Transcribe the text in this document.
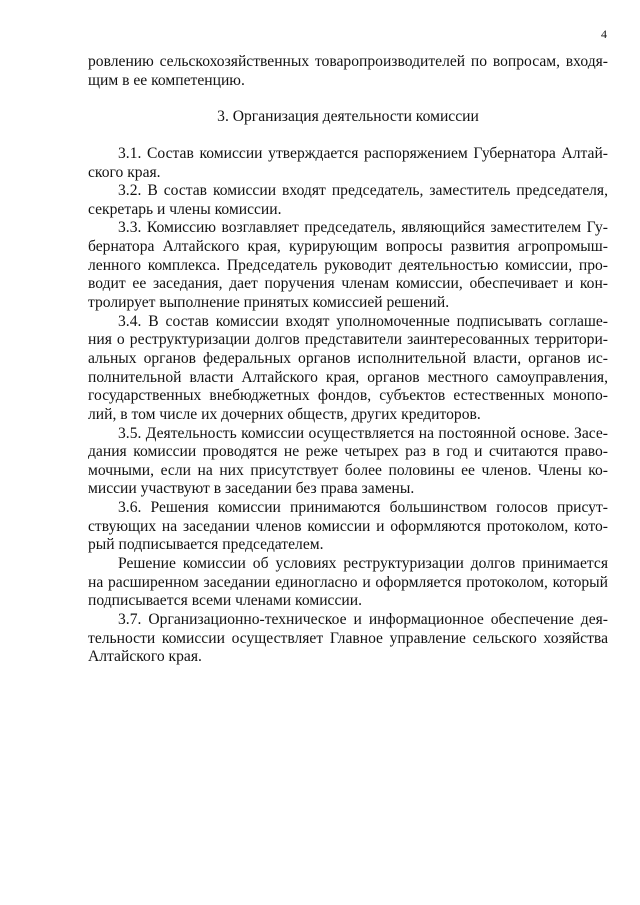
4
ровлению сельскохозяйственных товаропроизводителей по вопросам, входя-
щим в ее компетенцию.
3. Организация деятельности комиссии
3.1. Состав комиссии утверждается распоряжением Губернатора Алтай-
ского края.
3.2. В состав комиссии входят председатель, заместитель председателя,
секретарь и члены комиссии.
3.3. Комиссию возглавляет председатель, являющийся заместителем Гу-
бернатора Алтайского края, курирующим вопросы развития агропромыш-
ленного комплекса. Председатель руководит деятельностью комиссии, про-
водит ее заседания, дает поручения членам комиссии, обеспечивает и кон-
тролирует выполнение принятых комиссией решений.
3.4. В состав комиссии входят уполномоченные подписывать соглаше-
ния о реструктуризации долгов представители заинтересованных территори-
альных органов федеральных органов исполнительной власти, органов ис-
полнительной власти Алтайского края, органов местного самоуправления,
государственных внебюджетных фондов, субъектов естественных монопо-
лий, в том числе их дочерних обществ, других кредиторов.
3.5. Деятельность комиссии осуществляется на постоянной основе. Засе-
дания комиссии проводятся не реже четырех раз в год и считаются право-
мочными, если на них присутствует более половины ее членов. Члены ко-
миссии участвуют в заседании без права замены.
3.6. Решения комиссии принимаются большинством голосов присут-
ствующих на заседании членов комиссии и оформляются протоколом, кото-
рый подписывается председателем.
Решение комиссии об условиях реструктуризации долгов принимается
на расширенном заседании единогласно и оформляется протоколом, который
подписывается всеми членами комиссии.
3.7. Организационно-техническое и информационное обеспечение дея-
тельности комиссии осуществляет Главное управление сельского хозяйства
Алтайского края.
